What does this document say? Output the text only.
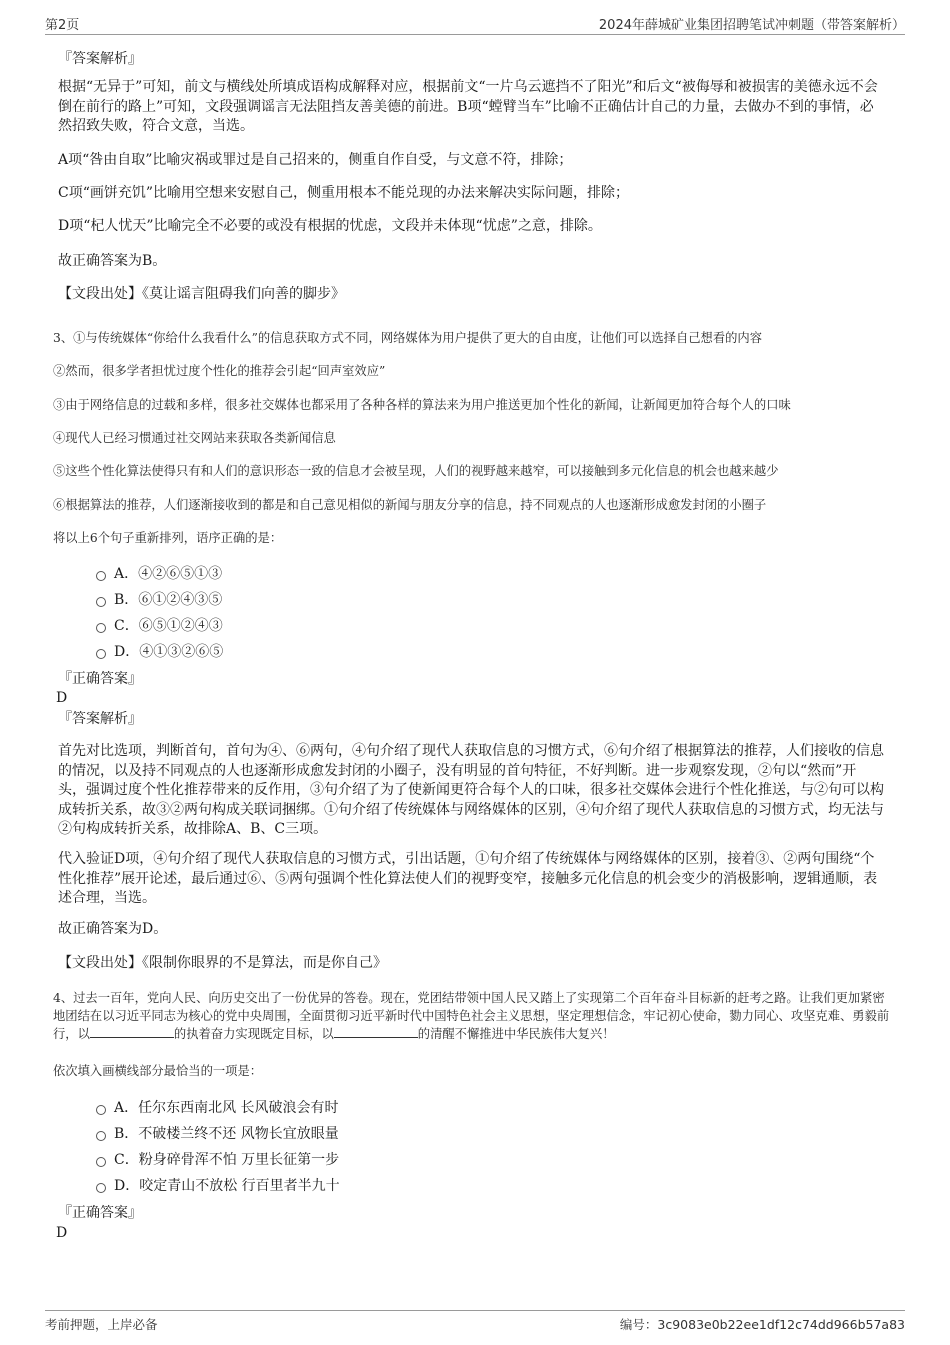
第2页	2024年薛城矿业集团招聘笔试冲刺题（带答案解析）
『答案解析』
根据“无异于”可知，前文与横线处所填成语构成解释对应，根据前文“一片乌云遮挡不了阳光”和后文“被侮辱和被损害的美德永远不会倒在前行的路上”可知，文段强调谣言无法阻挡友善美德的前进。B项“螳臂当车”比喻不正确估计自己的力量，去做办不到的事情，必然招致失败，符合文意，当选。
A项“咎由自取”比喻灾祸或罪过是自己招来的，侧重自作自受，与文意不符，排除；
C项“画饼充饥”比喻用空想来安慰自己，侧重用根本不能兑现的办法来解决实际问题，排除；
D项“杞人忧天”比喻完全不必要的或没有根据的忧虑，文段并未体现“忧虑”之意，排除。
故正确答案为B。
【文段出处】《莫让谣言阻碍我们向善的脚步》
3、①与传统媒体“你给什么我看什么”的信息获取方式不同，网络媒体为用户提供了更大的自由度，让他们可以选择自己想看的内容
②然而，很多学者担忧过度个性化的推荐会引起“回声室效应”
③由于网络信息的过载和多样，很多社交媒体也都采用了各种各样的算法来为用户推送更加个性化的新闻，让新闻更加符合每个人的口味
④现代人已经习惯通过社交网站来获取各类新闻信息
⑤这些个性化算法使得只有和人们的意识形态一致的信息才会被呈现，人们的视野越来越窄，可以接触到多元化信息的机会也越来越少
⑥根据算法的推荐，人们逐渐接收到的都是和自己意见相似的新闻与朋友分享的信息，持不同观点的人也逐渐形成愈发封闭的小圈子
将以上6个句子重新排列，语序正确的是：
A．④②⑥⑤①③
B．⑥①②④③⑤
C．⑥⑤①②④③
D．④①③②⑥⑤
『正确答案』
D
『答案解析』
首先对比选项，判断首句，首句为④、⑥两句，④句介绍了现代人获取信息的习惯方式，⑥句介绍了根据算法的推荐，人们接收的信息的情况，以及持不同观点的人也逐渐形成愈发封闭的小圈子，没有明显的首句特征，不好判断。进一步观察发现，②句以“然而”开头，强调过度个性化推荐带来的反作用，③句介绍了为了使新闻更符合每个人的口味，很多社交媒体会进行个性化推送，与②句可以构成转折关系，故③②两句构成关联词捆绑。①句介绍了传统媒体与网络媒体的区别，④句介绍了现代人获取信息的习惯方式，均无法与②句构成转折关系，故排除A、B、C三项。
代入验证D项，④句介绍了现代人获取信息的习惯方式，引出话题，①句介绍了传统媒体与网络媒体的区别，接着③、②两句围绕“个性化推荐”展开论述，最后通过⑥、⑤两句强调个性化算法使人们的视野变窄，接触多元化信息的机会变少的消极影响，逻辑通顺，表述合理，当选。
故正确答案为D。
【文段出处】《限制你眼界的不是算法，而是你自己》
4、过去一百年，党向人民、向历史交出了一份优异的答卷。现在，党团结带领中国人民又踏上了实现第二个百年奋斗目标新的赶考之路。让我们更加紧密地团结在以习近平同志为核心的党中央周围，全面贯彻习近平新时代中国特色社会主义思想，坚定理想信念，牢记初心使命，勠力同心、攻坚克难、勇毅前行，以	的执着奋力实现既定目标，以	的清醒不懈推进中华民族伟大复兴！
依次填入画横线部分最恰当的一项是：
A．任尔东西南北风 长风破浪会有时
B．不破楼兰终不还 风物长宜放眼量
C．粉身碎骨浑不怕 万里长征第一步
D．咬定青山不放松 行百里者半九十
『正确答案』
D
考前押题，上岸必备	编号：3c9083e0b22ee1df12c74dd966b57a83
